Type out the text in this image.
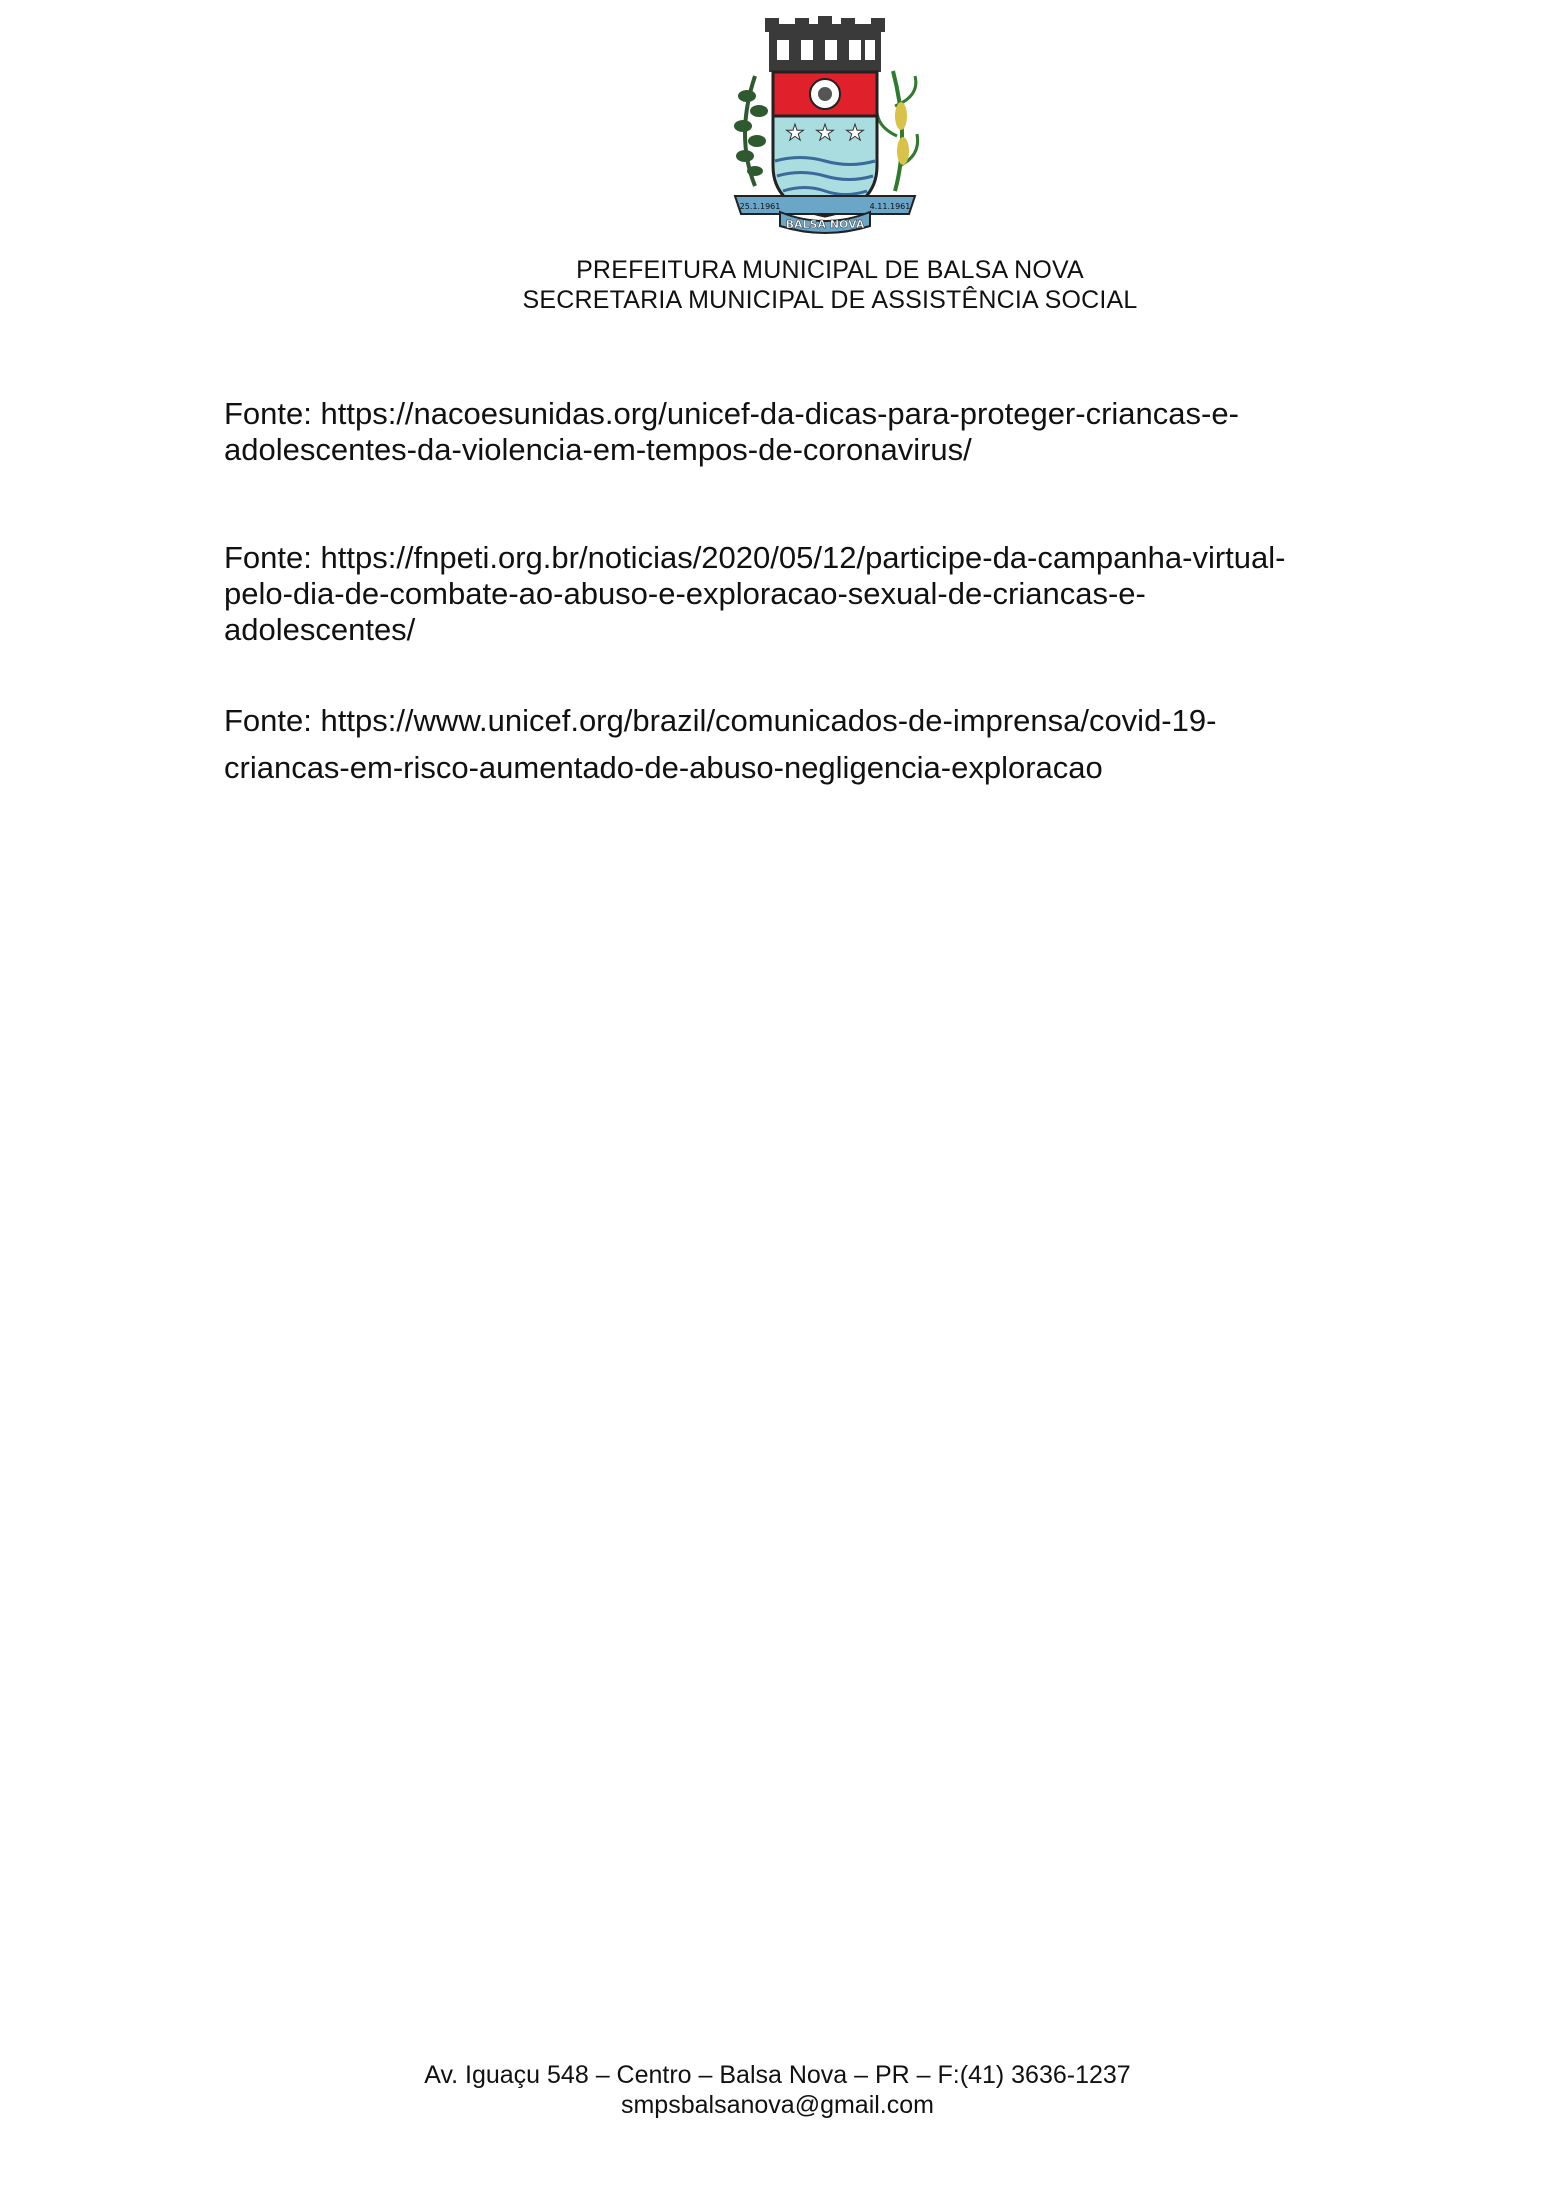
★ ★ ★
25.1.1961	4.11.1961
BALSA NOVA
PREFEITURA MUNICIPAL DE BALSA NOVA
SECRETARIA MUNICIPAL DE ASSISTÊNCIA SOCIAL
Fonte: https://nacoesunidas.org/unicef-da-dicas-para-proteger-criancas-e-
adolescentes-da-violencia-em-tempos-de-coronavirus/
Fonte: https://fnpeti.org.br/noticias/2020/05/12/participe-da-campanha-virtual-
pelo-dia-de-combate-ao-abuso-e-exploracao-sexual-de-criancas-e-
adolescentes/
Fonte: https://www.unicef.org/brazil/comunicados-de-imprensa/covid-19-
criancas-em-risco-aumentado-de-abuso-negligencia-exploracao
Av. Iguaçu 548 – Centro – Balsa Nova – PR – F:(41) 3636-1237
smpsbalsanova@gmail.com
